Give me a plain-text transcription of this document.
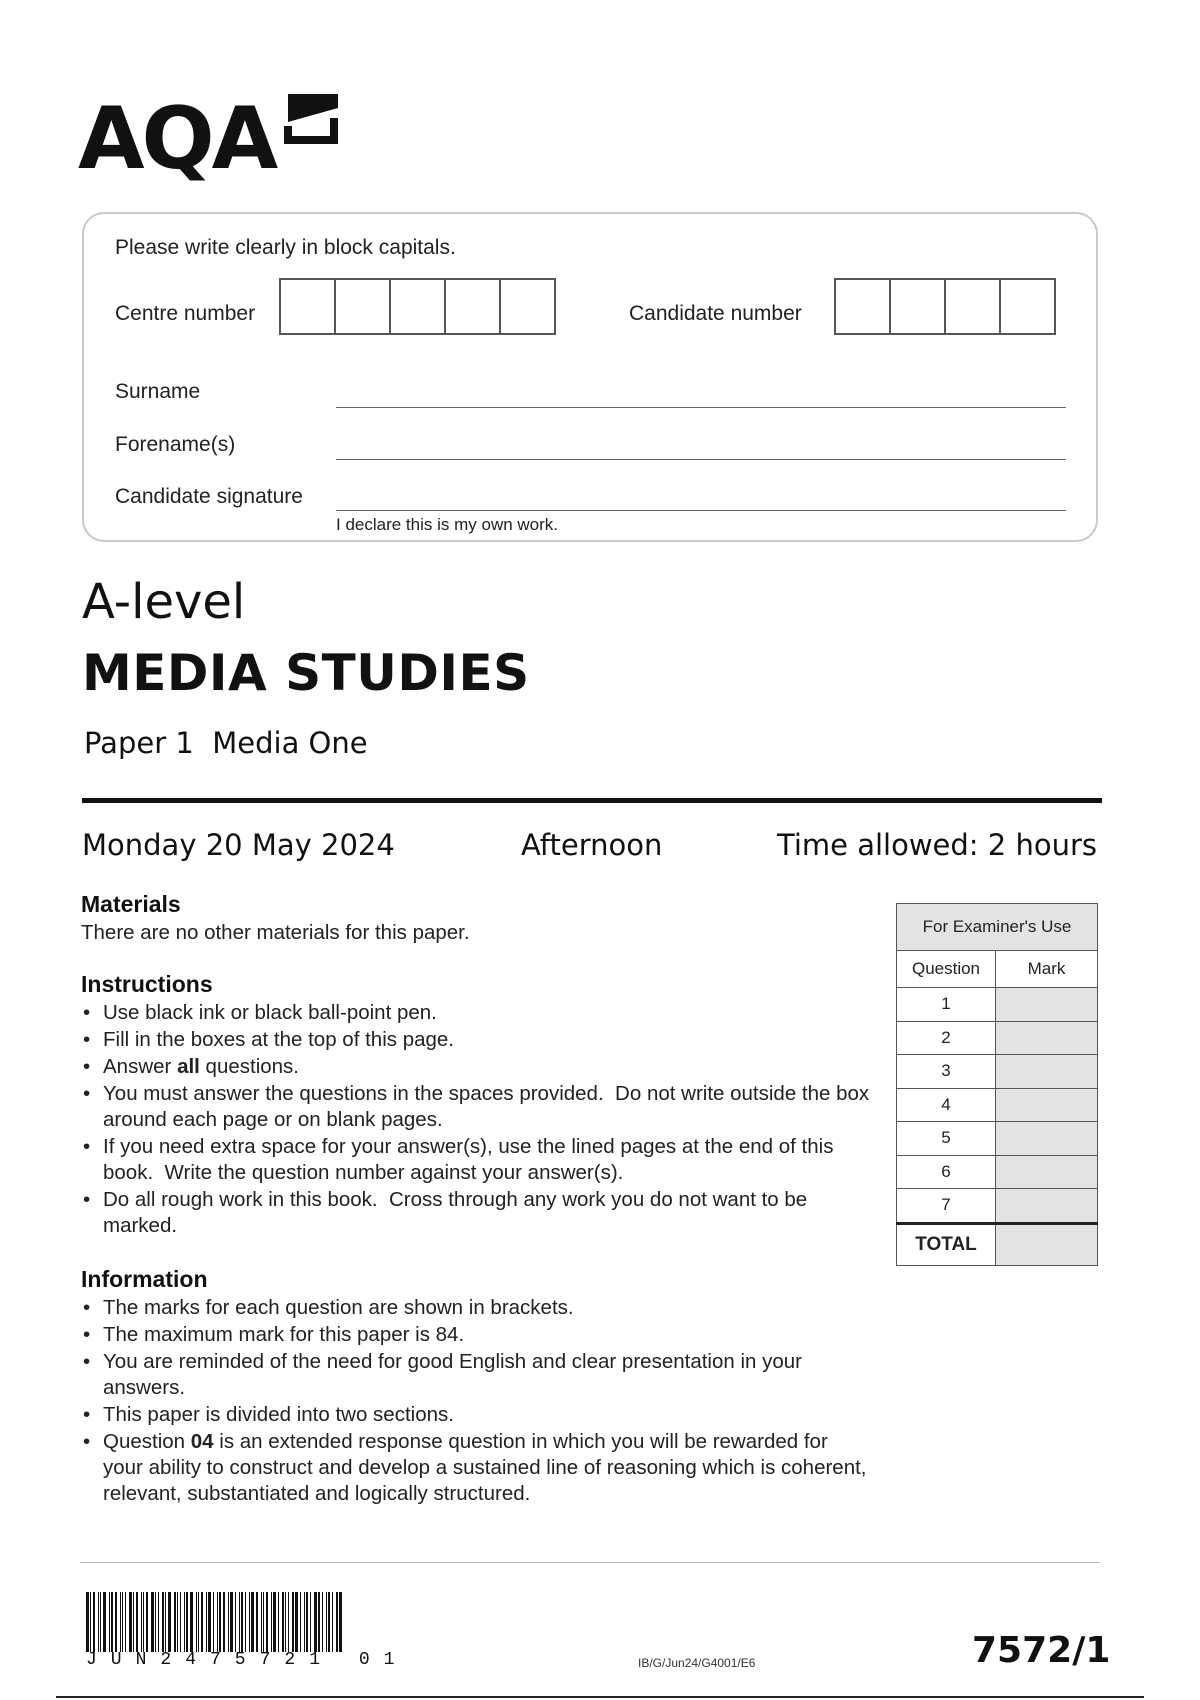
AQA
Please write clearly in block capitals.
Centre number	Candidate number
Surname
Forename(s)
Candidate signature
I declare this is my own work.
A-level
MEDIA STUDIES
Paper 1  Media One
Monday 20 May 2024	Afternoon	Time allowed: 2 hours
Materials
There are no other materials for this paper.
Instructions
• Use black ink or black ball-point pen.
• Fill in the boxes at the top of this page.
• Answer all questions.
• You must answer the questions in the spaces provided.  Do not write outside the box around each page or on blank pages.
• If you need extra space for your answer(s), use the lined pages at the end of this book.  Write the question number against your answer(s).
• Do all rough work in this book.  Cross through any work you do not want to be marked.
Information
• The marks for each question are shown in brackets.
• The maximum mark for this paper is 84.
• You are reminded of the need for good English and clear presentation in your answers.
• This paper is divided into two sections.
• Question 04 is an extended response question in which you will be rewarded for your ability to construct and develop a sustained line of reasoning which is coherent, relevant, substantiated and logically structured.
For Examiner's Use	
Question	Mark
1	
2	
3	
4	
5	
6	
7	
TOTAL	
JUN2475721 01	IB/G/Jun24/G4001/E6	7572/1
